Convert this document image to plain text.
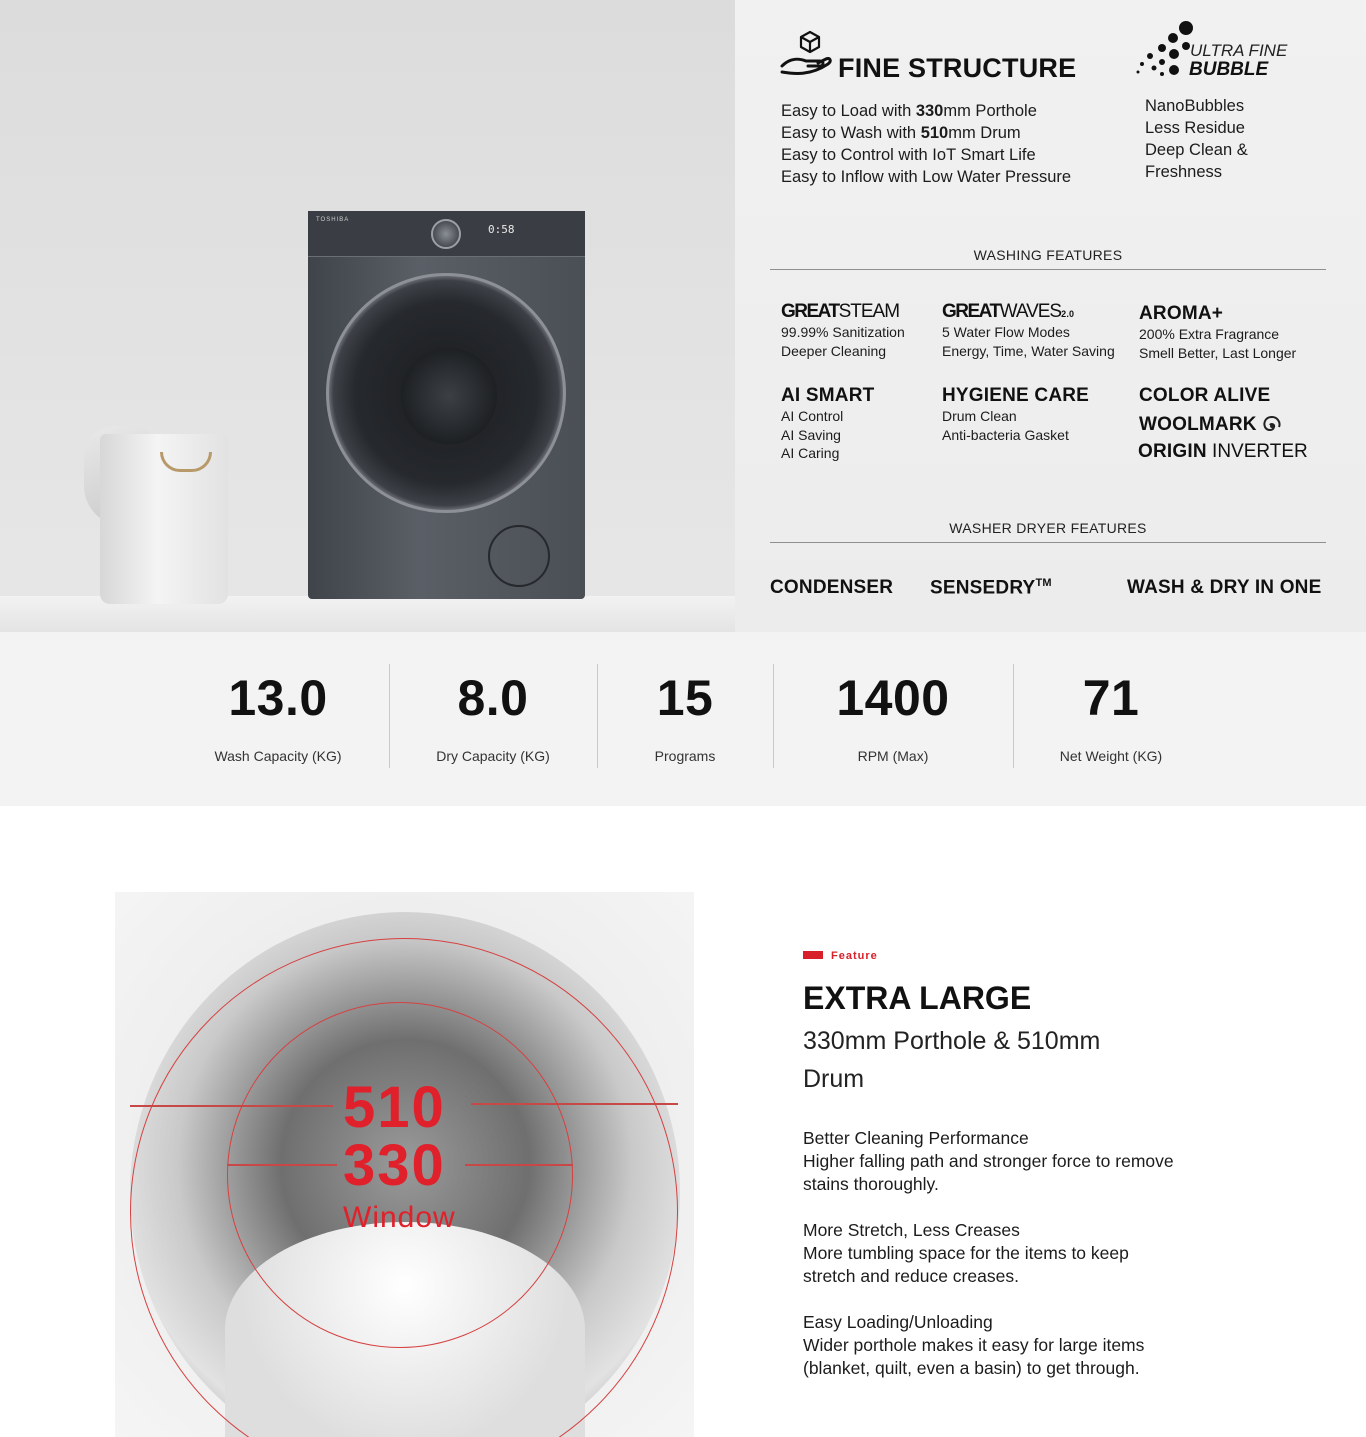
TOSHIBA
0:58
FINE STRUCTURE
Easy to Load with 330mm Porthole
Easy to Wash with 510mm Drum
Easy to Control with IoT Smart Life
Easy to Inflow with Low Water Pressure
ULTRA FINE
BUBBLE
NanoBubbles
Less Residue
Deep Clean &
Freshness
WASHING FEATURES
GREATSTEAM
99.99% Sanitization
Deeper Cleaning
GREATWAVES2.0
5 Water Flow Modes
Energy, Time, Water Saving
AROMA+
200% Extra Fragrance
Smell Better, Last Longer
AI SMART
AI Control
AI Saving
AI Caring
HYGIENE CARE
Drum Clean
Anti-bacteria Gasket
COLOR ALIVE
WOOLMARK
ORIGIN INVERTER
WASHER DRYER FEATURES
CONDENSER SENSEDRY™	WASH & DRY IN ONE
13.0
Wash Capacity (KG)
8.0
Dry Capacity (KG)
15
Programs
1400
RPM (Max)
71
Net Weight (KG)
510
330
Window
Feature
EXTRA LARGE
330mm Porthole & 510mm Drum
Better Cleaning Performance
Higher falling path and stronger force to remove stains thoroughly.
More Stretch, Less Creases
More tumbling space for the items to keep stretch and reduce creases.
Easy Loading/Unloading
Wider porthole makes it easy for large items (blanket, quilt, even a basin) to get through.
